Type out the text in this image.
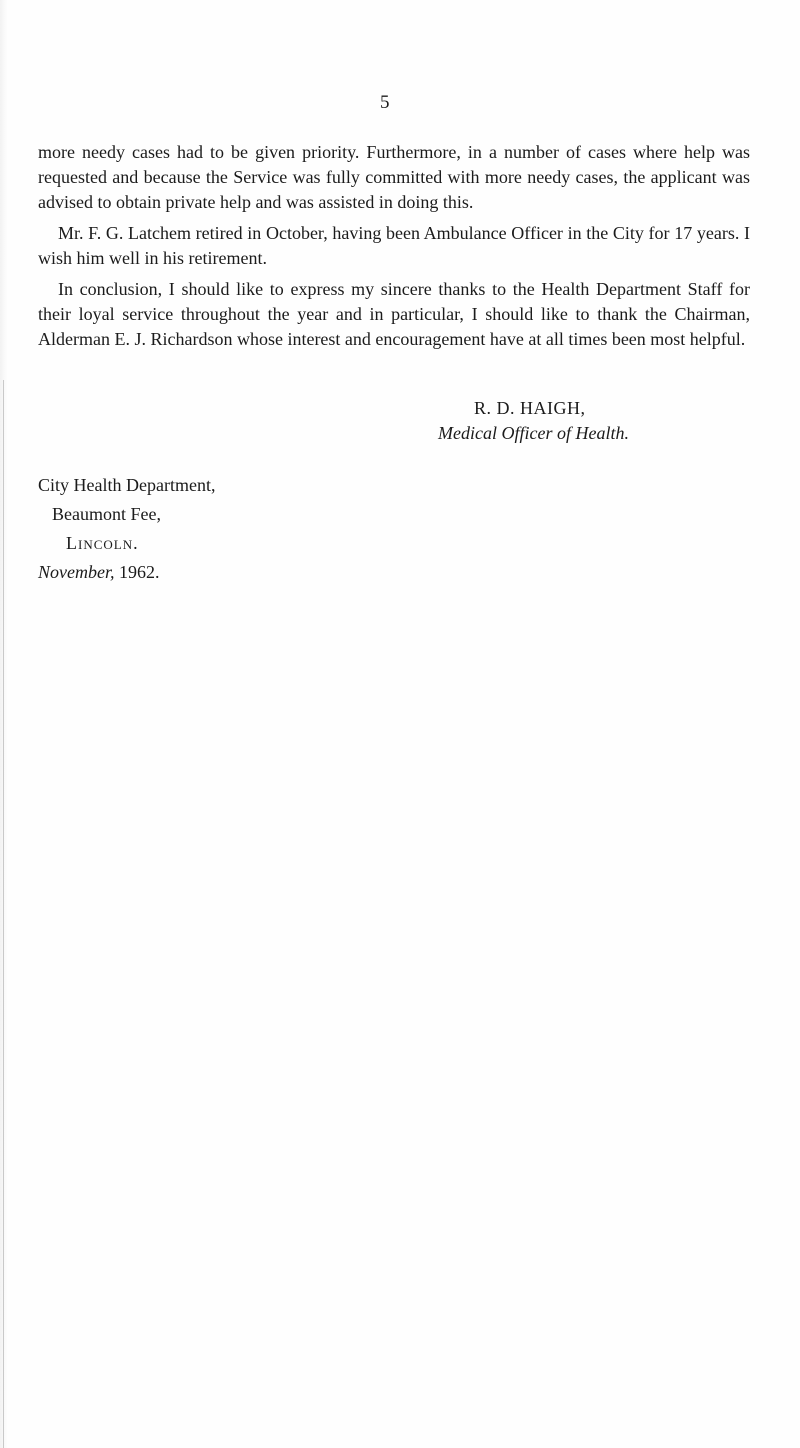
5

more needy cases had to be given priority. Furthermore, in a number of cases where help was requested and because the Service was fully committed with more needy cases, the applicant was advised to obtain private help and was assisted in doing this.

Mr. F. G. Latchem retired in October, having been Ambulance Officer in the City for 17 years. I wish him well in his retirement.

In conclusion, I should like to express my sincere thanks to the Health Department Staff for their loyal service throughout the year and in particular, I should like to thank the Chairman, Alderman E. J. Richardson whose interest and encouragement have at all times been most helpful.

R. D. HAIGH,
Medical Officer of Health.
City Health Department,
Beaumont Fee,
Lincoln.
November, 1962.
